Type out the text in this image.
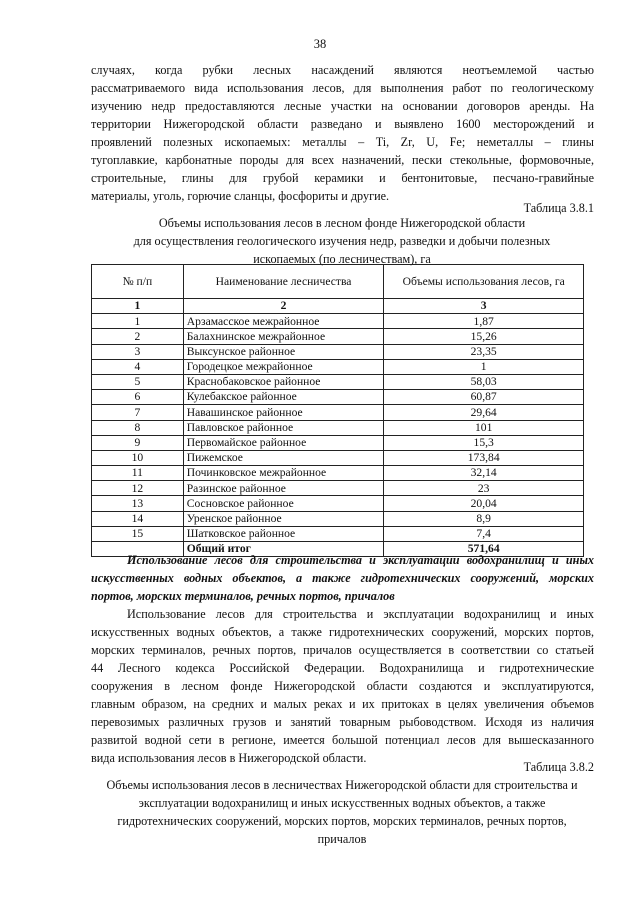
38
случаях, когда рубки лесных насаждений являются неотъемлемой частью
рассматриваемого вида использования лесов, для выполнения работ по геологическому
изучению недр предоставляются лесные участки на основании договоров аренды. На
территории Нижегородской области разведано и выявлено 1600 месторождений и
проявлений полезных ископаемых: металлы – Ti, Zr, U, Fe; неметаллы – глины
тугоплавкие, карбонатные породы для всех назначений, пески стекольные, формовочные,
строительные, глины для грубой керамики и бентонитовые, песчано-гравийные
материалы, уголь, горючие сланцы, фосфориты и другие.
Таблица 3.8.1
Объемы использования лесов в лесном фонде Нижегородской области
для осуществления геологического изучения недр, разведки и добычи полезных
ископаемых (по лесничествам), га
№ п/п	Наименование лесничества	Объемы использования лесов, га
1	2	3
1	Арзамасское межрайонное	1,87
2	Балахнинское межрайонное	15,26
3	Выксунское районное	23,35
4	Городецкое межрайонное	1
5	Краснобаковское районное	58,03
6	Кулебакское районное	60,87
7	Навашинское районное	29,64
8	Павловское районное	101
9	Первомайское районное	15,3
10	Пижемское	173,84
11	Починковское межрайонное	32,14
12	Разинское районное	23
13	Сосновское районное	20,04
14	Уренское районное	8,9
15	Шатковское районное	7,4
	Общий итог	571,64
Использование лесов для строительства и эксплуатации водохранилищ и иных
искусственных водных объектов, а также гидротехнических сооружений, морских
портов, морских терминалов, речных портов, причалов
Использование лесов для строительства и эксплуатации водохранилищ и иных
искусственных водных объектов, а также гидротехнических сооружений, морских портов,
морских терминалов, речных портов, причалов осуществляется в соответствии со статьей
44 Лесного кодекса Российской Федерации. Водохранилища и гидротехнические
сооружения в лесном фонде Нижегородской области создаются и эксплуатируются,
главным образом, на средних и малых реках и их притоках в целях увеличения объемов
перевозимых различных грузов и занятий товарным рыбоводством. Исходя из наличия
развитой водной сети в регионе, имеется большой потенциал лесов для вышесказанного
вида использования лесов в Нижегородской области.
Таблица 3.8.2
Объемы использования лесов в лесничествах Нижегородской области для строительства и
эксплуатации водохранилищ и иных искусственных водных объектов, а также
гидротехнических сооружений, морских портов, морских терминалов, речных портов,
причалов
